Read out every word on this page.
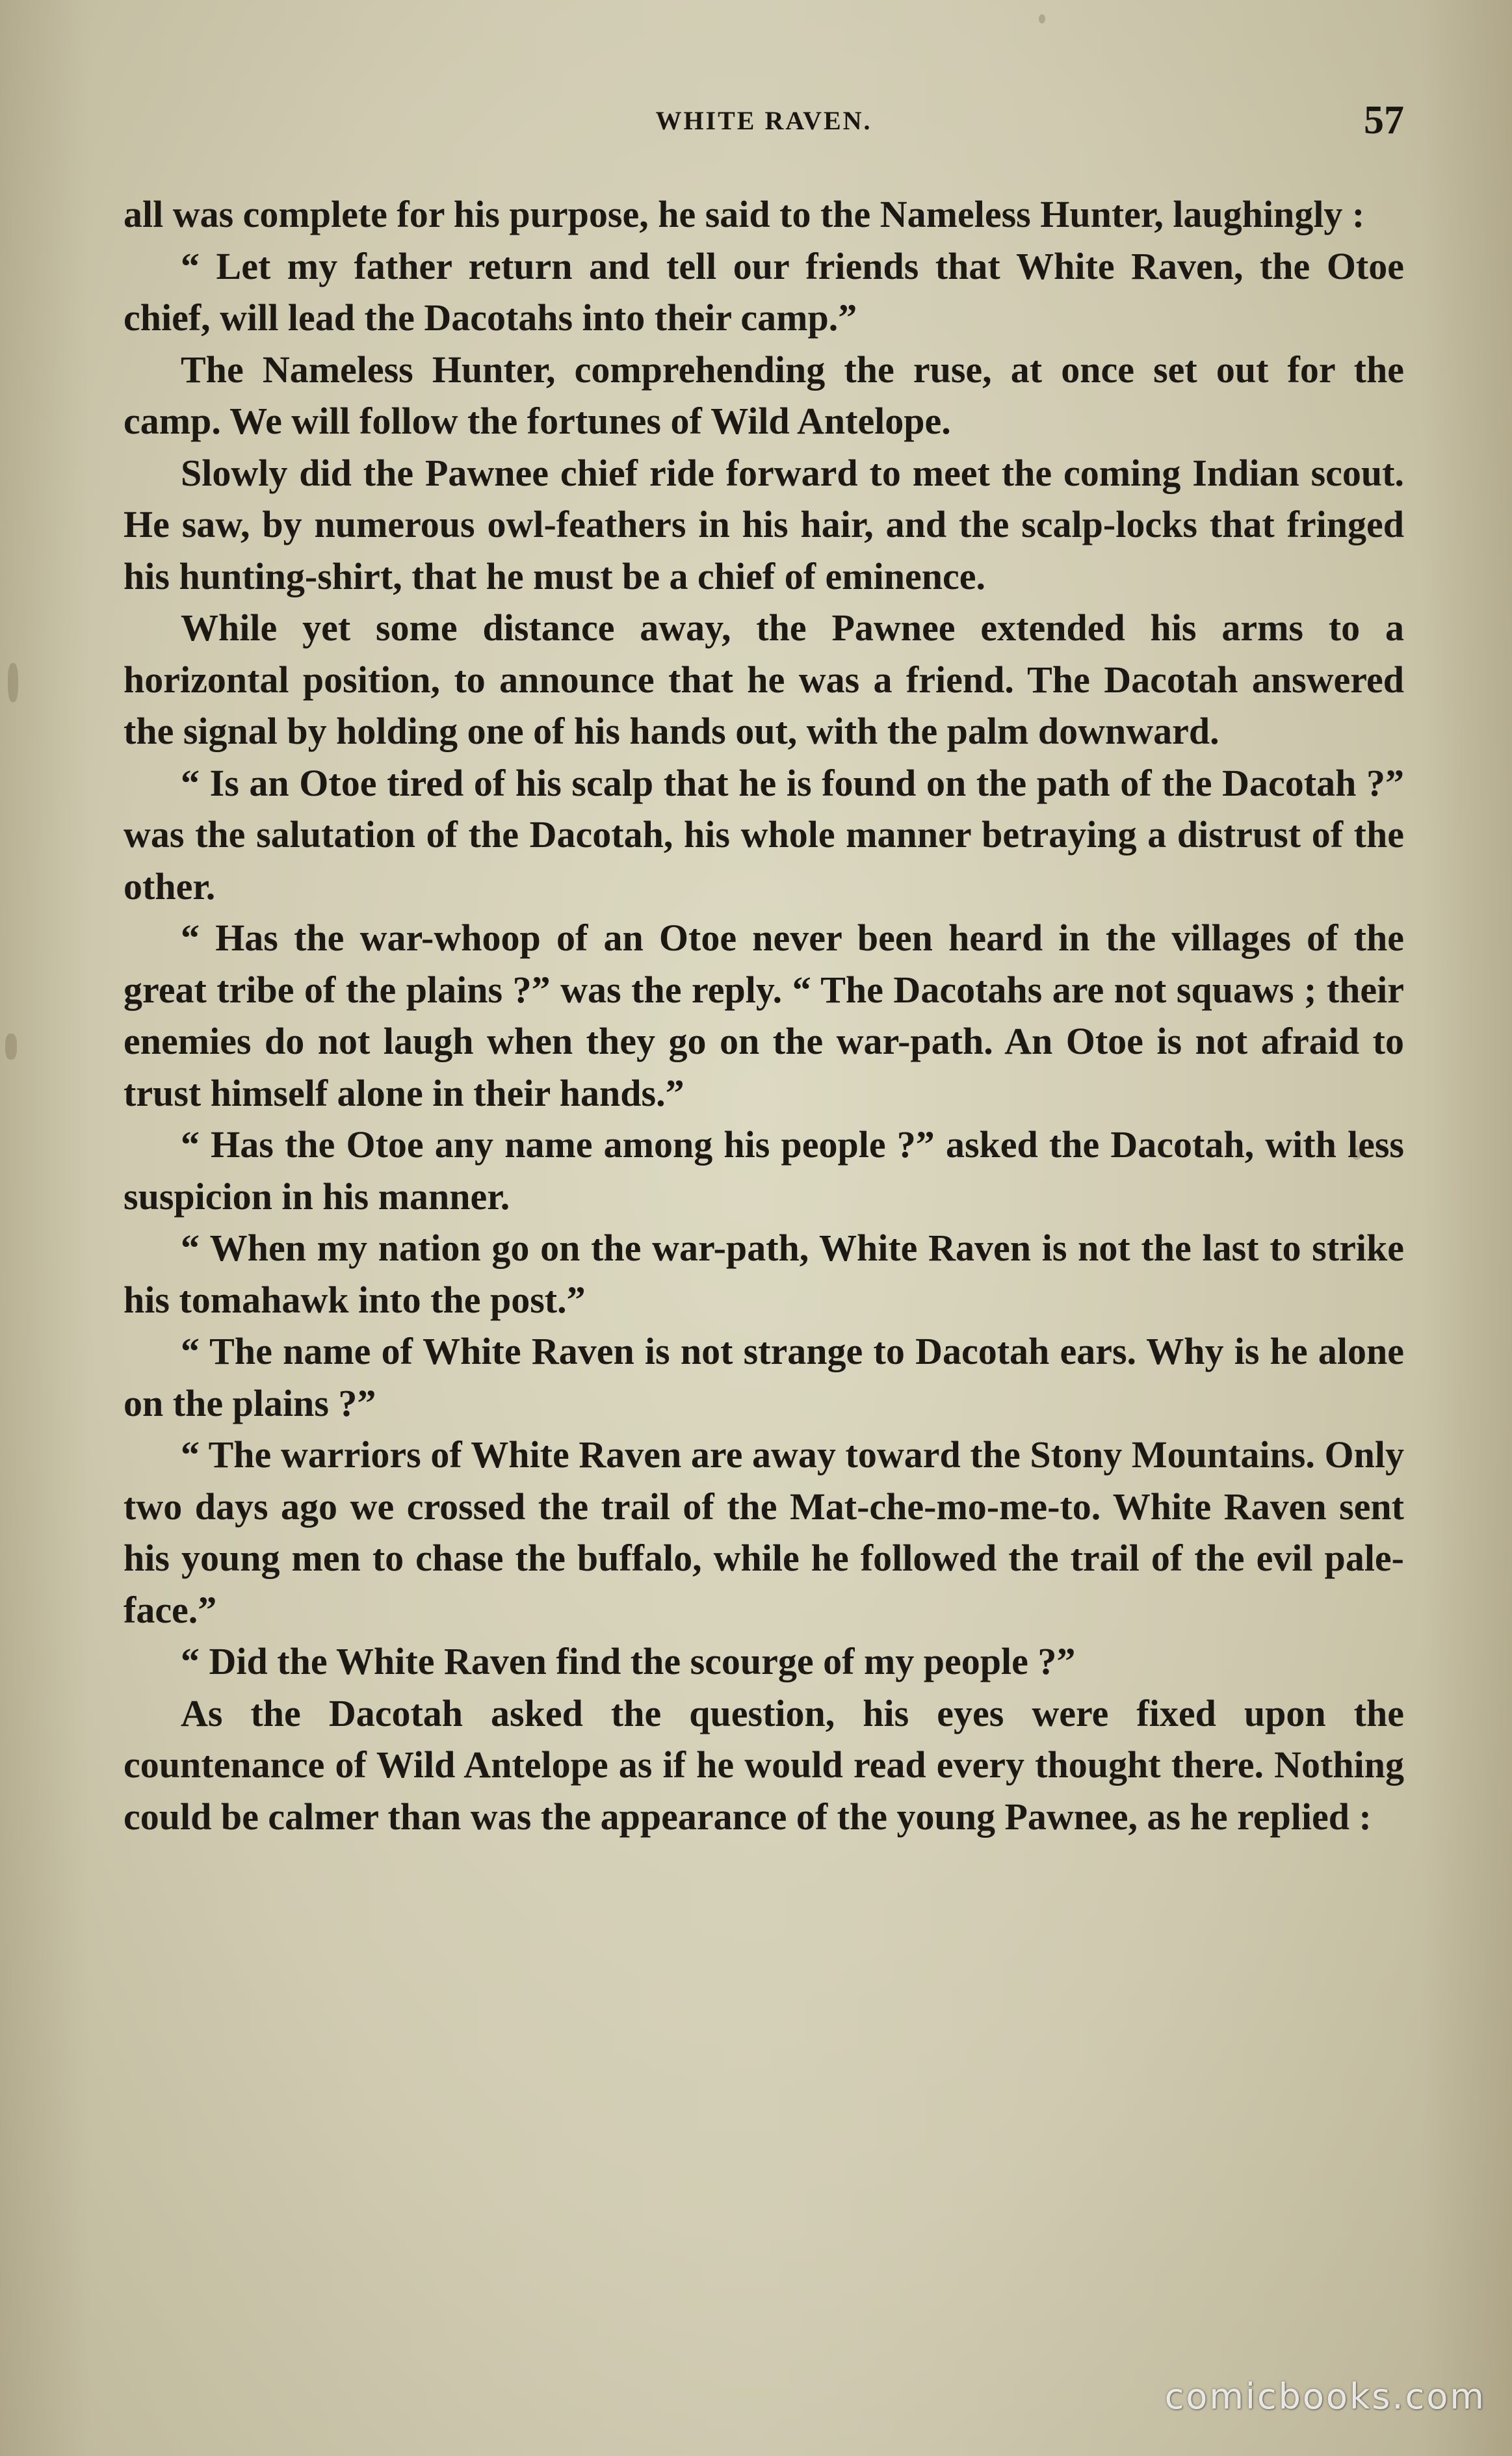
WHITE RAVEN.	57

all was complete for his purpose, he said to the Nameless Hunter, laughingly :

“ Let my father return and tell our friends that White Raven, the Otoe chief, will lead the Dacotahs into their camp.”

The Nameless Hunter, comprehending the ruse, at once set out for the camp. We will follow the fortunes of Wild Antelope.

Slowly did the Pawnee chief ride forward to meet the coming Indian scout. He saw, by numerous owl-feathers in his hair, and the scalp-locks that fringed his hunting-shirt, that he must be a chief of eminence.

While yet some distance away, the Pawnee extended his arms to a horizontal position, to announce that he was a friend. The Dacotah answered the signal by holding one of his hands out, with the palm downward.

“ Is an Otoe tired of his scalp that he is found on the path of the Dacotah ?” was the salutation of the Dacotah, his whole manner betraying a distrust of the other.

“ Has the war-whoop of an Otoe never been heard in the villages of the great tribe of the plains ?” was the reply. “ The Dacotahs are not squaws ; their enemies do not laugh when they go on the war-path. An Otoe is not afraid to trust himself alone in their hands.”

“ Has the Otoe any name among his people ?” asked the Dacotah, with less suspicion in his manner.

“ When my nation go on the war-path, White Raven is not the last to strike his tomahawk into the post.”

“ The name of White Raven is not strange to Dacotah ears. Why is he alone on the plains ?”

“ The warriors of White Raven are away toward the Stony Mountains. Only two days ago we crossed the trail of the Mat-che-mo-me-to. White Raven sent his young men to chase the buffalo, while he followed the trail of the evil pale-face.”

“ Did the White Raven find the scourge of my people ?”

As the Dacotah asked the question, his eyes were fixed upon the countenance of Wild Antelope as if he would read every thought there. Nothing could be calmer than was the appearance of the young Pawnee, as he replied :

comicbooks.com
